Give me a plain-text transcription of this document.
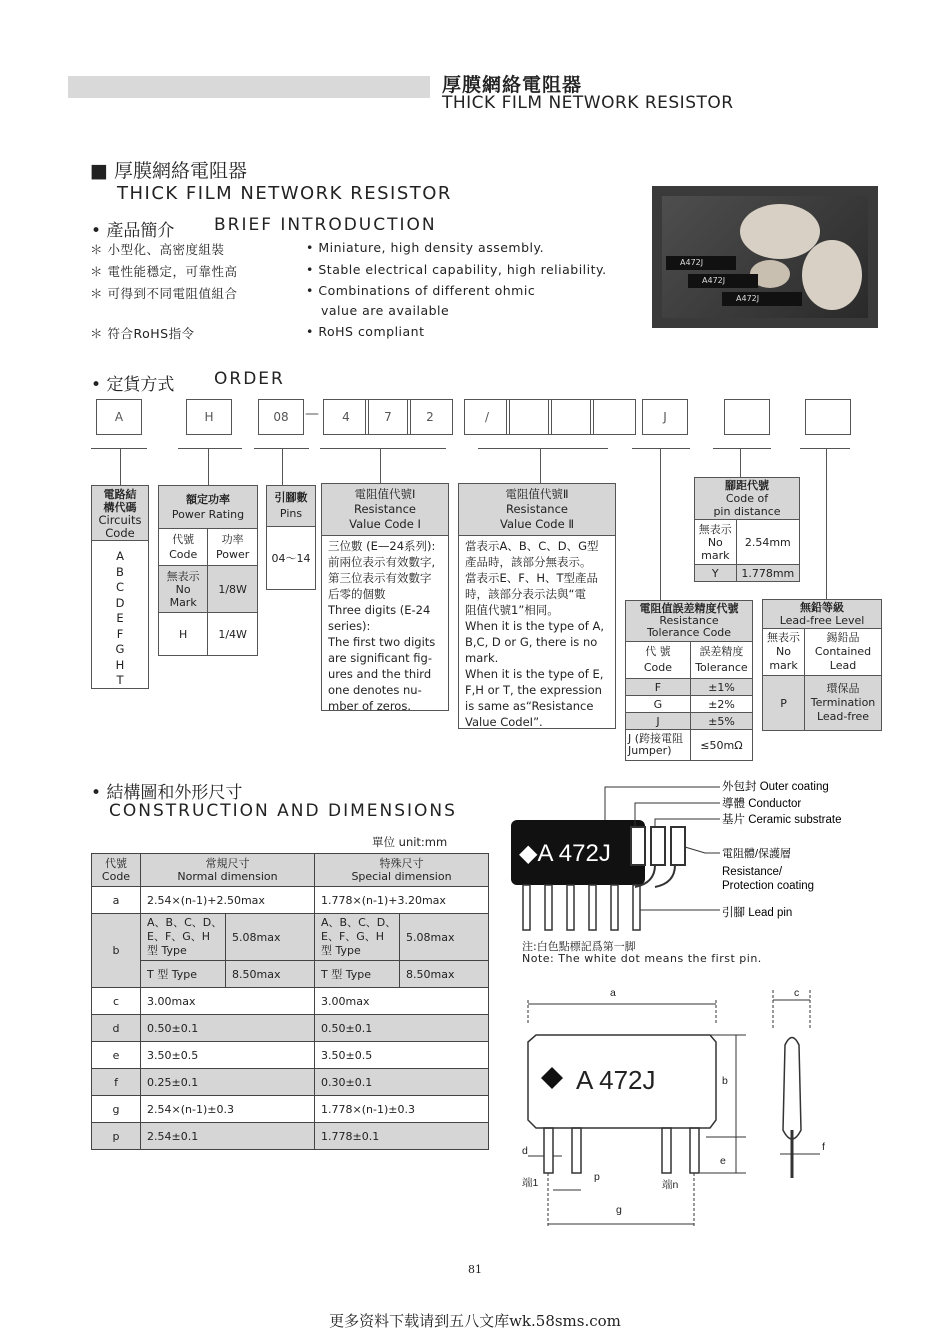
厚膜網絡電阻器
THICK FILM NETWORK RESISTOR
■ 厚膜網絡電阻器
THICK FILM NETWORK RESISTOR
• 產品簡介 BRIEF INTRODUCTION
＊ 小型化、高密度組裝
＊ 電性能穩定，可靠性高
＊ 可得到不同電阻值組合
＊ 符合RoHS指令
• Miniature, high density assembly.
• Stable electrical capability, high reliability.
• Combinations of different ohmic
value are available
• RoHS compliant
A472J
A472J
A472J
• 定貨方式 ORDER
A	H	08	—	4	7	2	/	J
電路結構代碼
Circuits Code
A
B
C
D
E
F
G
H
T
額定功率
Power Rating	
代號
Code	功率
Power
無表示
No
Mark	1/8W
H	1/4W
引腳數
Pins
04～14
電阻值代號Ⅰ
Resistance
Value Code Ⅰ
三位數 (E—24系列):
前兩位表示有效數字,
第三位表示有效數字
后零的個數
Three digits (E-24
series):
The first two digits
are significant fig-
ures and the third
one denotes nu-
mber of zeros.
電阻值代號Ⅱ
Resistance
Value Code Ⅱ
當表示A、B、C、D、G型
產品時，該部分無表示。
當表示E、F、H、T型產品
時，該部分表示法與“電
阻值代號1”相同。
When it is the type of A,
B,C, D or G, there is no
mark.
When it is the type of E,
F,H or T, the expression
is same as“Resistance
Value CodeI”.
腳距代號
Code of
pin distance	
無表示
No
mark	2.54mm
Y	1.778mm
電阻值誤差精度代號
Resistance
Tolerance Code	
代 號
Code	誤差精度
Tolerance
F	±1%
G	±2%
J	±5%
J (跨接電阻
Jumper)	≤50mΩ
無鉛等級
Lead-free Level	
無表示
No
mark	錫鉛品
Contained
Lead
P	環保品
Termination
Lead-free
• 結構圖和外形尺寸
CONSTRUCTION AND DIMENSIONS
單位 unit:mm
代號
Code	常規尺寸
Normal dimension		特殊尺寸
Special dimension	
a	2.54×(n-1)+2.50max		1.778×(n-1)+3.20max	
b	A、B、C、D、
E、F、G、H
型 Type	5.08max	A、B、C、D、
E、F、G、H
型 Type	5.08max
	T 型 Type	8.50max	T 型 Type	8.50max
c	3.00max		3.00max	
d	0.50±0.1		0.50±0.1	
e	3.50±0.5		3.50±0.5	
f	0.25±0.1		0.30±0.1	
g	2.54×(n-1)±0.3		1.778×(n-1)±0.3	
p	2.54±0.1		1.778±0.1	
◆A 472J
外包封 Outer coating
導體 Conductor
基片 Ceramic substrate
電阻體/保護層
Resistance/
Protection coating
引腳 Lead pin
注:白色點標記爲第一脚
Note: The white dot means the first pin.
A 472J
a
b
c
d
e
f
g
p
端1	端n
81
更多资料下载请到五八文库wk.58sms.com
